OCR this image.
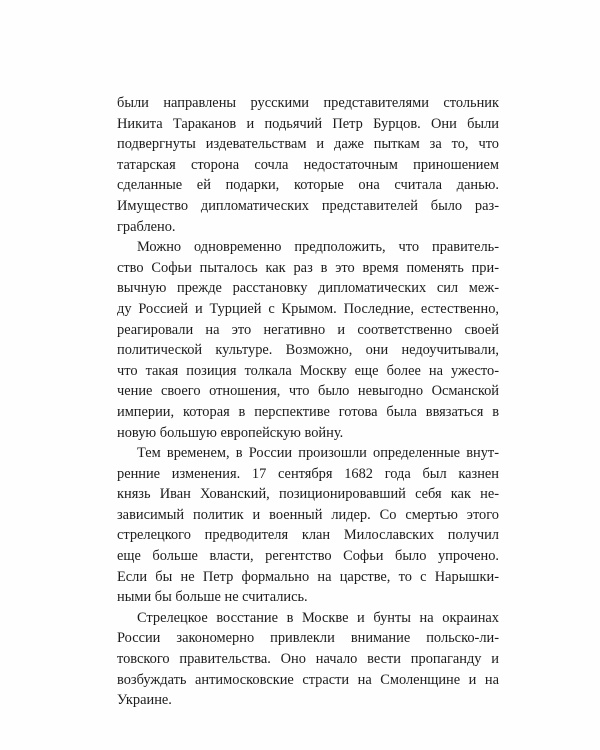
были направлены русскими представителями стольник
Никита Тараканов и подьячий Петр Бурцов. Они были
подвергнуты издевательствам и даже пыткам за то, что
татарская сторона сочла недостаточным приношением
сделанные ей подарки, которые она считала данью.
Имущество дипломатических представителей было раз-
граблено.
Можно одновременно предположить, что правитель-
ство Софьи пыталось как раз в это время поменять при-
вычную прежде расстановку дипломатических сил меж-
ду Россией и Турцией с Крымом. Последние, естественно,
реагировали на это негативно и соответственно своей
политической культуре. Возможно, они недоучитывали,
что такая позиция толкала Москву еще более на ужесто-
чение своего отношения, что было невыгодно Османской
империи, которая в перспективе готова была ввязаться в
новую большую европейскую войну.
Тем временем, в России произошли определенные внут-
ренние изменения. 17 сентября 1682 года был казнен
князь Иван Хованский, позиционировавший себя как не-
зависимый политик и военный лидер. Со смертью этого
стрелецкого предводителя клан Милославских получил
еще больше власти, регентство Софьи было упрочено.
Если бы не Петр формально на царстве, то с Нарышки-
ными бы больше не считались.
Стрелецкое восстание в Москве и бунты на окраинах
России закономерно привлекли внимание польско-ли-
товского правительства. Оно начало вести пропаганду и
возбуждать антимосковские страсти на Смоленщине и на
Украине.
